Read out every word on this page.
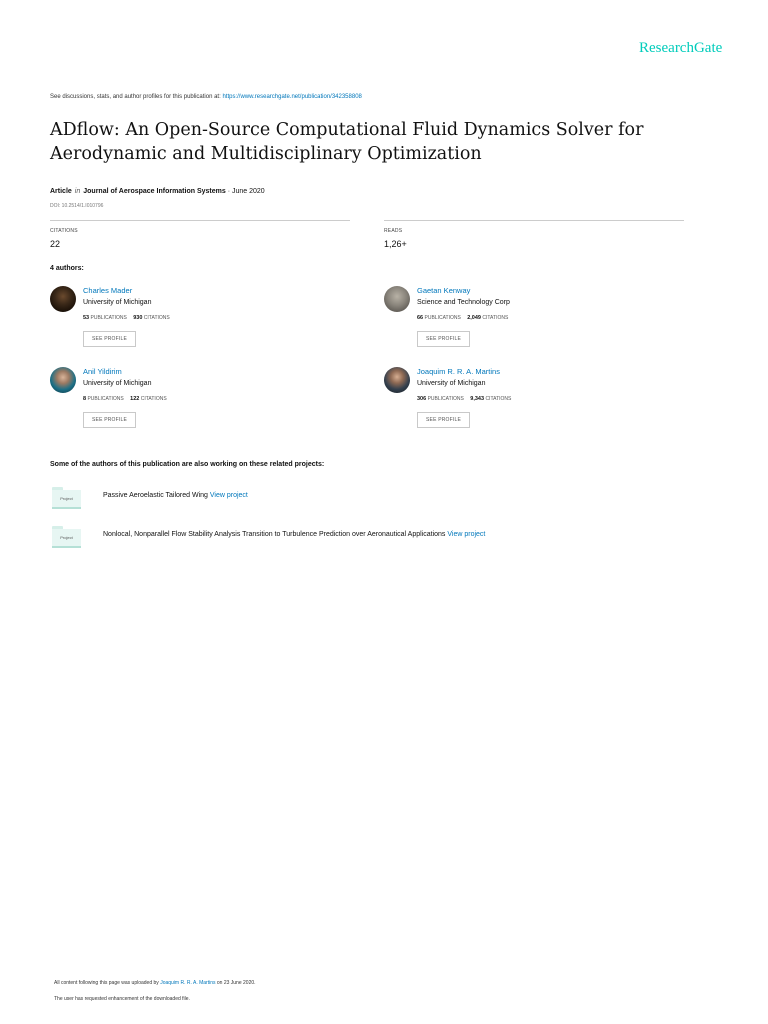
ResearchGate
See discussions, stats, and author profiles for this publication at: https://www.researchgate.net/publication/342358808
ADflow: An Open-Source Computational Fluid Dynamics Solver for Aerodynamic and Multidisciplinary Optimization
Article in Journal of Aerospace Information Systems · June 2020
DOI: 10.2514/1.I010796
CITATIONS
22
READS
1,26+
4 authors:
Charles Mader
University of Michigan
53 PUBLICATIONS 930 CITATIONS
SEE PROFILE
Gaetan Kenway
Science and Technology Corp
66 PUBLICATIONS 2,049 CITATIONS
SEE PROFILE
Anil Yildirim
University of Michigan
8 PUBLICATIONS 122 CITATIONS
SEE PROFILE
Joaquim R. R. A. Martins
University of Michigan
306 PUBLICATIONS 9,343 CITATIONS
SEE PROFILE
Some of the authors of this publication are also working on these related projects:
Project	Passive Aeroelastic Tailored Wing View project
Project	Nonlocal, Nonparallel Flow Stability Analysis Transition to Turbulence Prediction over Aeronautical Applications View project
All content following this page was uploaded by Joaquim R. R. A. Martins on 23 June 2020.
The user has requested enhancement of the downloaded file.
